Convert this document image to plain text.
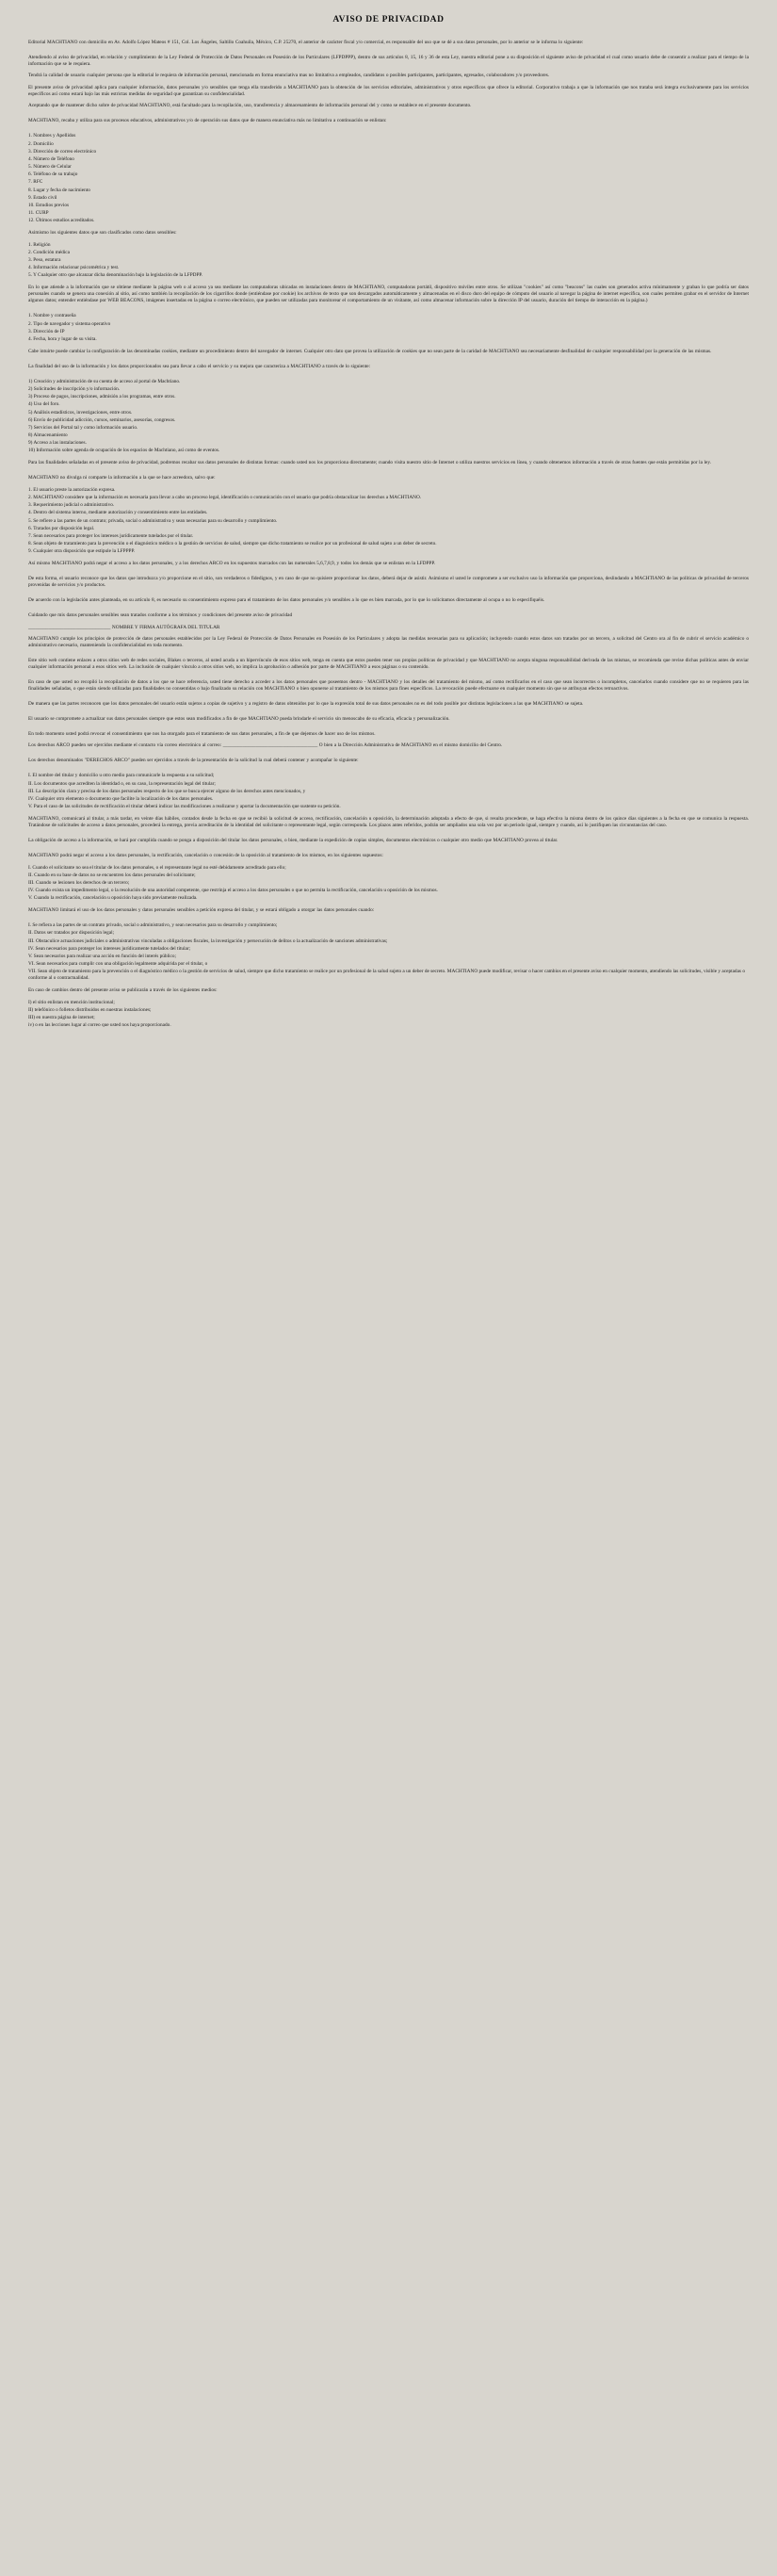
AVISO DE PRIVACIDAD

Editorial MACHTIANO con domicilio en Av. Adolfo López Mateos # 151, Col. Los Ángeles, Saltillo Coahuila, México, C.P. 25270, el anterior de carácter fiscal y/o comercial, es responsable del uso que se dé a sus datos personales, por lo anterior se le informa lo siguiente:

Atendiendo al aviso de privacidad, en relación y cumplimiento de la Ley Federal de Protección de Datos Personales en Posesión de los Particulares (LFPDPPP), dentro de sus artículos 8, 15, 16 y 36 de esta Ley, nuestra editorial pone a su disposición el siguiente aviso de privacidad el cual como usuario debe de consentir a realizar para el tiempo de la información que se le requiera.

Tendrá la calidad de usuario cualquier persona que la editorial le requiera de información personal, mencionada en forma enunciativa mas no limitativa a empleados, candidatos o posibles participantes, participantes, egresados, colaboradores y/o proveedores.

El presente aviso de privacidad aplica para cualquier información, datos personales y/o sensibles que tenga ella transferido a MACHTIANO para la obtención de los servicios editoriales, administrativos y otros específicos que ofrece la editorial. Corporativo trabaja a que la información que nos trataba será íntegra exclusivamente para los servicios específicos así como estará bajo las más estrictas medidas de seguridad que garantizan su confidencialidad.

Aceptando que de mantener dicho sobre de privacidad MACHTIANO, está facultado para la recopilación, uso, transferencia y almacenamiento de información personal del y como se establece en el presente documento.

MACHTIANO, recaba y utiliza para sus procesos educativos, administrativos y/o de operación sus datos que de manera enunciativa más no limitativa a continuación se enlistan:

1. Nombres y Apellidos

2. Domicilio

3. Dirección de correo electrónico

4. Número de Teléfono

5. Número de Celular

6. Teléfono de su trabajo

7. RFC

8. Lugar y fecha de nacimiento

9. Estado civil

10. Estudios previos

11. CURP

12. Últimos estudios acreditados.

Asimismo los siguientes datos que son clasificados como datos sensibles:

1. Religión

2. Condición médica

3. Peso, estatura

4. Información relacionar psicométrica y test.

5. Y Cualquier otro que alcanzar dicha denominación bajo la legislación de la LFPDPP.

En lo que atiende a la información que se obtiene mediante la página web o al acceso ya sea mediante las computadoras ubicadas en instalaciones dentro de MACHTIANO, computadoras portátil, dispositivo móviles entre otros. Se utilizan "cookies" así como "beacons" las cuales son generados activa mínimamente y graban lo que podría ser datos personales cuando se genera una conexión al sitio, así como también la recopilación de los cigarrillos donde (entiéndase por cookie) los archivos de texto que son descargados automáticamente y almacenadas en el disco duro del equipo de cómputo del usuario al navegar la página de internet específica, son cuales permiten grabar en el servidor de Internet algunos datos; entender entiéndase por WEB BEACONS, imágenes insertadas en la página o correo electrónico, que pueden ser utilizadas para monitorear el comportamiento de un visitante, así como almacenar información sobre la dirección IP del usuario, duración del tiempo de interacción en la página.)

1. Nombre y contraseña

2. Tipo de navegador y sistema operativo

3. Dirección de IP

4. Fecha, hora y lugar de su visita.

Cabe intuirte puede cambiar la configuración de las denominadas cookies, mediante un procedimiento dentro del navegador de internet. Cualquier otro dato que provea la utilización de cookies que no sean parte de la caridad de MACHTIANO sea necesariamente desfinalidad de cualquier responsabilidad por la generación de las mismas.

La finalidad del uso de la información y los datos proporcionados sea para llevar a cabo el servicio y su mejora que caracteriza a MACHTIANO a través de lo siguiente:

1) Creación y administración de su cuenta de acceso al portal de Machtiano.

2) Solicitudes de inscripción y/o información.

3) Proceso de pagos, inscripciones, admisión a los programas, entre otros.

4) Uso del foro.

5) Análisis estadísticos, investigaciones, entre otros.

6) Envío de publicidad adicción, cursos, seminarios, asesorías, congresos.

7) Servicios del Portal tal y como información usuario.

8) Almacenamiento

9) Acceso a las instalaciones.

10) Información sobre agenda de ocupación de los espacios de Machtiano, así como de eventos.

Para las finalidades señaladas en el presente aviso de privacidad, podremos recabar sus datos personales de distintas formas: cuando usted nos los proporciona directamente; cuando visita nuestro sitio de Internet o utiliza nuestros servicios en línea, y cuando obtenemos información a través de otras fuentes que están permitidas por la ley.

MACHTIANO no divulga ni comparte la información a la que se hace acreedora, salvo que:

1. El usuario preste la autorización expresa.

2. MACHTIANO considere que la información es necesaria para llevar a cabo un proceso legal, identificación o comunicación con el usuario que podría obstaculizar los derechos a MACHTIANO.

3. Requerimiento judicial o administrativo.

4. Dentro del sistema interno, mediante autorización y consentimiento entre las entidades.

5. Se refiere a las partes de un contrato; privada, social o administrativa y sean necesarias para su desarrollo y cumplimiento.

6. Tratados por disposición legal.

7. Sean necesarios para proteger los intereses jurídicamente tutelados por el titular.

8. Sean objeto de tratamiento para la prevención o el diagnóstico médico o la gestión de servicios de salud, siempre que dicho tratamiento se realice por un profesional de salud sujeto a un deber de secreto.

9. Cualquier otra disposición que estipule la LFPPPP.

Así mismo MACHTIANO podrá negar el acceso a los datos personales, y a los derechos ARCO en los supuestos marcados con las numerales 5,6,7,8,9, y todos los demás que se enlistan en la LFDPPP.

De esta forma, el usuario reconoce que los datos que introduzca y/o proporcione en el sitio, son verdaderos o fidedignos, y en caso de que no quisiere proporcionar los datos, deberá dejar de asistir. Asimismo el usted le compromete a ser exclusivo uso la información que proporciona, deslindando a MACHTIANO de las políticas de privacidad de terceros provenidas de servicios y/o productos.

De acuerdo con la legislación antes planteada, en su artículo 8, es necesario su consentimiento expreso para el tratamiento de los datos personales y/o sensibles a lo que es bien marcada, por lo que lo solicitamos directamente al ocupa o no lo especifiquéis.

Cuidando que mis datos personales sensibles sean tratados conforme a los términos y condiciones del presente aviso de privacidad

_________________________________ NOMBRE Y FIRMA AUTÓGRAFA DEL TITULAR

MACHTIANO cumple los principios de protección de datos personales establecidos por la Ley Federal de Protección de Datos Personales en Posesión de los Particulares y adopta las medidas necesarias para su aplicación; incluyendo cuando estos datos son tratados por un tercero, a solicitud del Centro ora al fin de cubrir el servicio académico o administrativo necesario, manteniendo la confidencialidad en toda momento.

Este sitio web contiene enlaces a otros sitios web de redes sociales, Blakes o terceros, al usted acuda a un hipervínculo de esos sitios web, tenga en cuenta que estos pueden tener sus propias políticas de privacidad y que MACHTIANO no acepta ninguna responsabilidad derivada de las mismas, se recomienda que revise dichas políticas antes de enviar cualquier información personal a esos sitios web. La inclusión de cualquier vínculo a otros sitios web, no implica la aprobación o adhesión por parte de MACHTIANO a esos páginas o su contenido.

En caso de que usted no recopiló la recopilación de datos a los que se hace referencia, usted tiene derecho a acceder a los datos personales que poseemos dentro - MACHTIANO y los detalles del tratamiento del mismo, así como rectificarlos en el caso que sean incorrectos o incompletos, cancelarlos cuando considere que no se requieren para las finalidades señaladas, o que están siendo utilizadas para finalidades no consentidas o bajo finalizado su relación con MACHTIANO o bien oponerse al tratamiento de los mismos para fines específicos. La revocación puede efectuarse en cualquier momento sin que se atribuyan efectos retroactivos.

De manera que las partes reconocen que los datos personales del usuario están sujetos a copias de sujetivo y a registro de datos obtenidos por lo que la expresión total de sus datos personales no es del todo posible por distintas legislaciones a las que MACHTIANO se sujeta.

El usuario se compromete a actualizar sus datos personales siempre que estos sean modificados a fin de que MACHTIANO pueda brindarle el servicio sin menoscabo de su eficacia, eficacia y personalización.

En todo momento usted podrá revocar el consentimiento que nos ha otorgado para el tratamiento de sus datos personales, a fin de que dejemos de hacer uso de los mismos.

Los derechos ARCO pueden ser ejercidos mediante el contacto vía correo electrónico al correo: ______________________________________ O bien a la Dirección Administrativa de MACHTIANO en el mismo domicilio del Centro.

Los derechos denominados "DERECHOS ARCO" pueden ser ejercidos a través de la presentación de la solicitud la cual deberá contener y acompañar lo siguiente:

I. El nombre del titular y domicilio u otro medio para comunicarle la respuesta a su solicitud;

II. Los documentos que acrediten la identidad o, en su caso, la representación legal del titular;

III. La descripción clara y precisa de los datos personales respecto de los que se busca ejercer alguno de los derechos antes mencionados, y

IV. Cualquier otro elemento o documento que facilite la localización de los datos personales.

V. Para el caso de las solicitudes de rectificación el titular deberá indicar las modificaciones a realizarse y aportar la documentación que sustente su petición.

MACHTIANO, comunicará al titular, a más tardar, en veinte días hábiles, contados desde la fecha en que se recibió la solicitud de acceso, rectificación, cancelación u oposición, la determinación adoptada a efecto de que, si resulta procedente, se haga efectiva la misma dentro de los quince días siguientes a la fecha en que se comunica la respuesta. Tratándose de solicitudes de acceso a datos personales, procederá la entrega, previa acreditación de la identidad del solicitante o representante legal, según corresponda. Los plazos antes referidos, podrán ser ampliados una sola vez por un periodo igual, siempre y cuando, así lo justifiquen las circunstancias del caso.

La obligación de acceso a la información, se hará por cumplida cuando se ponga a disposición del titular los datos personales, o bien, mediante la expedición de copias simples, documentos electrónicos o cualquier otro medio que MACHTIANO provea al titular.

MACHTIANO podrá negar el acceso a los datos personales, la rectificación, cancelación o concesión de la oposición al tratamiento de los mismos, en los siguientes supuestos:

I. Cuando el solicitante no sea el titular de los datos personales, o el representante legal no esté debidamente acreditado para ello;

II. Cuando en su base de datos no se encuentren los datos personales del solicitante;

III. Cuando se lesionen los derechos de un tercero;

IV. Cuando exista un impedimento legal, o la resolución de una autoridad competente, que restrinja el acceso a los datos personales o que no permita la rectificación, cancelación u oposición de los mismos.

V. Cuando la rectificación, cancelación u oposición haya sido previamente realizada.

MACHTIANO limitará el uso de los datos personales y datos personales sensibles a petición expresa del titular, y se estará obligado a otorgar las datos personales cuando:

I. Se refiera a las partes de un contrato privado, social o administrativo, y sean necesarios para su desarrollo y cumplimiento;

II. Datos ser tratados por disposición legal;

III. Obstaculice actuaciones judiciales o administrativas vinculadas a obligaciones fiscales, la investigación y persecución de delitos o la actualización de sanciones administrativas;

IV. Sean necesarios para proteger los intereses jurídicamente tutelados del titular;

V. Sean necesarios para realizar una acción en función del interés público;

VI. Sean necesarios para cumplir con una obligación legalmente adquirida por el titular, o

VII. Sean objeto de tratamiento para la prevención o el diagnóstico médico o la gestión de servicios de salud, siempre que dicho tratamiento se realice por un profesional de la salud sujeto a un deber de secreto. MACHTIANO puede modificar, revisar o hacer cambios en el presente aviso en cualquier momento, atendiendo las solicitudes, visible y aceptadas o conforme al o contractualidad.

En caso de cambios dentro del presente aviso se publicarán a través de los siguientes medios:

I) el sitio enlistan en mención institucional;

II) telefónico o folletos distribuidos en nuestras instalaciones;

III) en nuestra página de internet;

iv) o en las lecciones lugar al correo que usted nos haya proporcionado.
